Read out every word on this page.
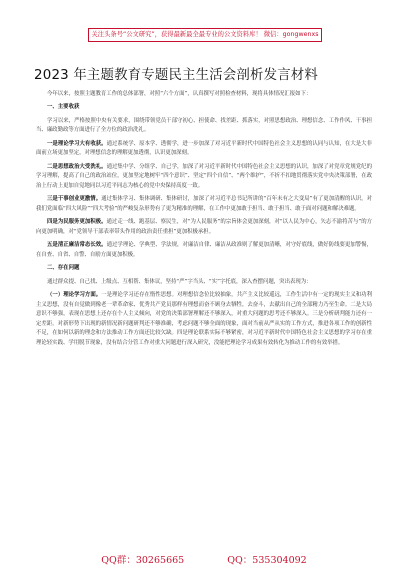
关注头条号“公文研究”，获得最新最全最专业的公文资料库！ 微信：gongwenxs
2023 年主题教育专题民主生活会剖析发言材料

今年以来，按照主题教育工作的总体部署，对照“六个方面”，认真撰写对照检查材料，现将具体情况汇报如下：

一、主要收获

学习以来，严格按照中央有关要求，围绕带领党员干部守初心、担使命、找差距、抓落实，对照思想政治、理想信念、工作作风、干事担当、廉政勤政等方面进行了全方位的政治洗礼。

一是理论学习大有收获。通过系统学、原本学、透彻学，进一步加深了对习近平新时代中国特色社会主义思想的认同与认知，在大是大非面前立场更加坚定，对理想信念的理解更加透彻，认识更加深刻。

二是思想政治大受洗礼。通过集中学、分组学、自己学，加深了对习近平新时代中国特色社会主义思想的认识，加深了对党章党规党纪的学习理解，提高了自己的政治站位，更加坚定地树牢“四个意识”、坚定“四个自信”、“两个维护”，不折不扣地贯彻落实党中央决策部署，在政治上行动上更加自觉地同以习近平同志为核心的党中央保持高度一致。

三是干事创业更激情。通过集体学习、集体调研、集体研讨，加深了对习近平总书记所讲的“百年未有之大变局”有了更加清醒的认识，对我们党面临“四大风险”“四大考验”的严峻复杂形势有了更为精准的理解，在工作中更加敢于担当、敢于担当、敢于面对问题和解决难题。

四是为民服务更加积极。通过走一线、跑基层、察民生，对“为人民服务”的宗旨体会更加深刻，对“以人民为中心，矢志不渝将苦与”的方向更加明确，对“党领导干部表率带头作用的政治责任重担”更加积极承担。

五是清正廉洁常态长效。通过学理论、学典型、学法规，对廉洁自律、廉洁从政准则了解更加清晰，对守好底线，做好防线要更加警惕，在自查、自省、自警、自励方面更加积极。

二、存在问题

通过群众提、自己找、上级点、互相帮、集体议，坚持“严”字当头、“实”字托底，深入查摆问题，突出表现为：

（一）理论学习方面。一是理论学习还存在惰性思想。对理想信念位比较抽象，共产主义比较遥远，工作生活中有一定的现实主义和功利主义思想，没有自觉做到像老一辈革命家、优秀共产党员那样有理想而奋不顾身去牺牲，去奋斗，去献出自己的全部精力乃至生命。二是大局意识不够强，表现在思想上还存在个人主义倾向，对党的决策部署理解还不够深入，对重大问题的思考还不够深入。三是分析研判能力还有一定差距。对新形势下出现的新情况新问题研判还不够准确，考虑问题不够全面的现象，面对当前从严从实的工作方式，推进各项工作的创新性不足，在如何以新的理念和方法推动工作方面还比较欠缺。四是理论联系实际不够紧密，对习近平新时代中国特色社会主义思想的学习存在重理论轻实践、学用脱节现象，没有结合分管工作对重大问题进行深入研究，没能把理论学习成果有效转化为推动工作的有效举措。

QQ群：30265665	QQ：535304092
